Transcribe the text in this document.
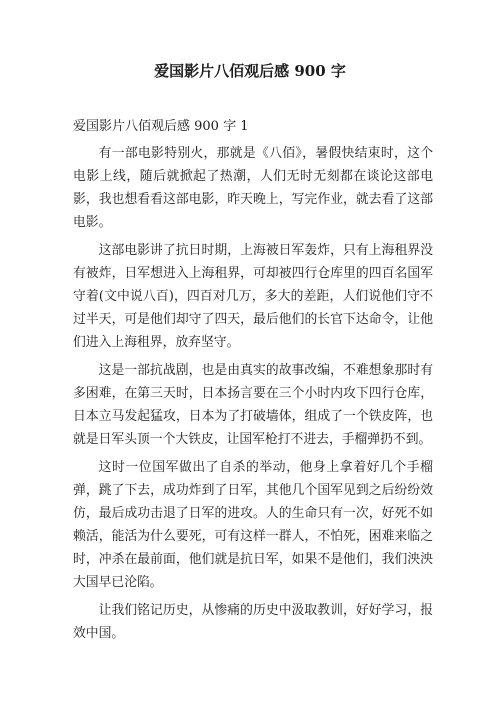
爱国影片八佰观后感 900 字

爱国影片八佰观后感 900 字 1

有一部电影特别火，那就是《八佰》，暑假快结束时，这个电影上线，随后就掀起了热潮，人们无时无刻都在谈论这部电影，我也想看看这部电影，昨天晚上，写完作业，就去看了这部电影。

这部电影讲了抗日时期，上海被日军轰炸，只有上海租界没有被炸，日军想进入上海租界，可却被四行仓库里的四百名国军守着(文中说八百)，四百对几万，多大的差距，人们说他们守不过半天，可是他们却守了四天，最后他们的长官下达命令，让他们进入上海租界，放弃坚守。

这是一部抗战剧，也是由真实的故事改编，不难想象那时有多困难，在第三天时，日本扬言要在三个小时内攻下四行仓库，日本立马发起猛攻，日本为了打破墙体，组成了一个铁皮阵，也就是日军头顶一个大铁皮，让国军枪打不进去，手榴弹扔不到。

这时一位国军做出了自杀的举动，他身上拿着好几个手榴弹，跳了下去，成功炸到了日军，其他几个国军见到之后纷纷效仿，最后成功击退了日军的进攻。人的生命只有一次，好死不如赖活，能活为什么要死，可有这样一群人，不怕死，困难来临之时，冲杀在最前面，他们就是抗日军，如果不是他们，我们泱泱大国早已沦陷。

让我们铭记历史，从惨痛的历史中汲取教训，好好学习，报效中国。
